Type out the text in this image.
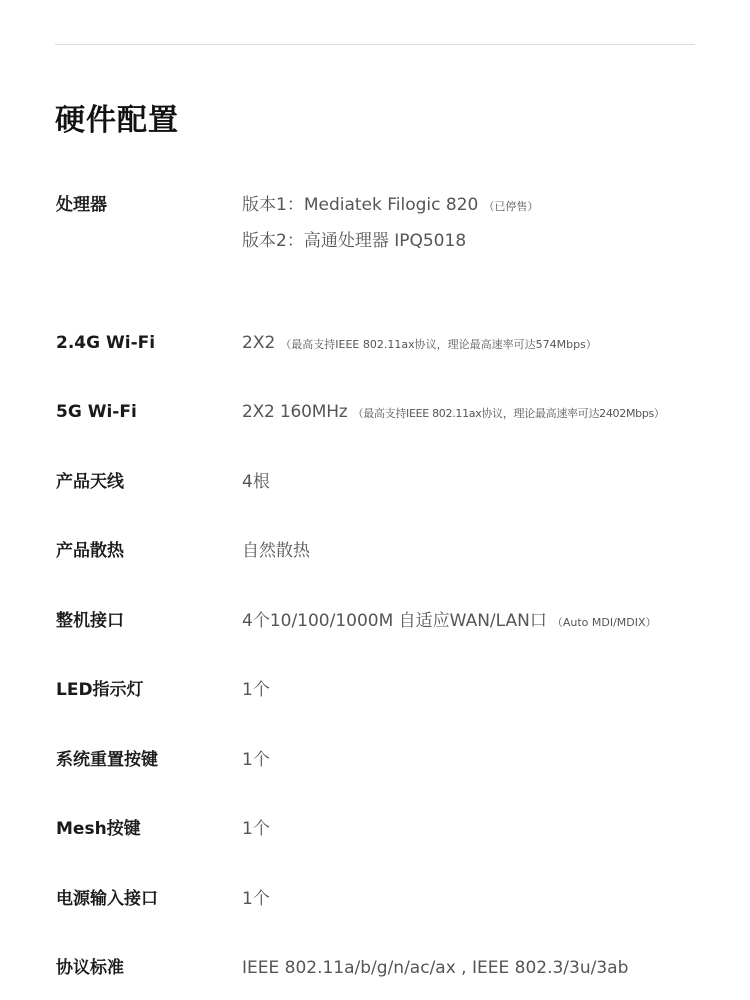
硬件配置
处理器	版本1：Mediatek Filogic 820 （已停售）
版本2：高通处理器 IPQ5018
2.4G Wi-Fi	2X2 （最高支持IEEE 802.11ax协议，理论最高速率可达574Mbps）
5G Wi-Fi	2X2 160MHz （最高支持IEEE 802.11ax协议，理论最高速率可达2402Mbps）
产品天线	4根
产品散热	自然散热
整机接口	4个10/100/1000M 自适应WAN/LAN口 （Auto MDI/MDIX）
LED指示灯	1个
系统重置按键	1个
Mesh按键	1个
电源输入接口	1个
协议标准	IEEE 802.11a/b/g/n/ac/ax , IEEE 802.3/3u/3ab
